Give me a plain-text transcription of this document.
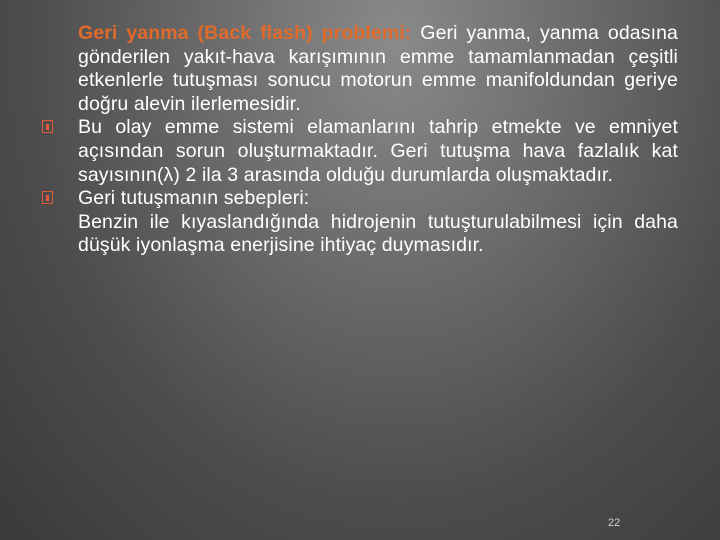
Geri yanma (Back flash) problemi: Geri yanma, yanma odasına gönderilen yakıt-hava karışımının emme tamamlanmadan çeşitli etkenlerle tutuşması sonucu motorun emme manifoldundan geriye doğru alevin ilerlemesidir.
Bu olay emme sistemi elamanlarını tahrip etmekte ve emniyet açısından sorun oluşturmaktadır. Geri tutuşma hava fazlalık kat sayısının(λ) 2 ila 3 arasında olduğu durumlarda oluşmaktadır.
Geri tutuşmanın sebepleri:
Benzin ile kıyaslandığında hidrojenin tutuşturulabilmesi için daha düşük iyonlaşma enerjisine ihtiyaç duymasıdır.
22
